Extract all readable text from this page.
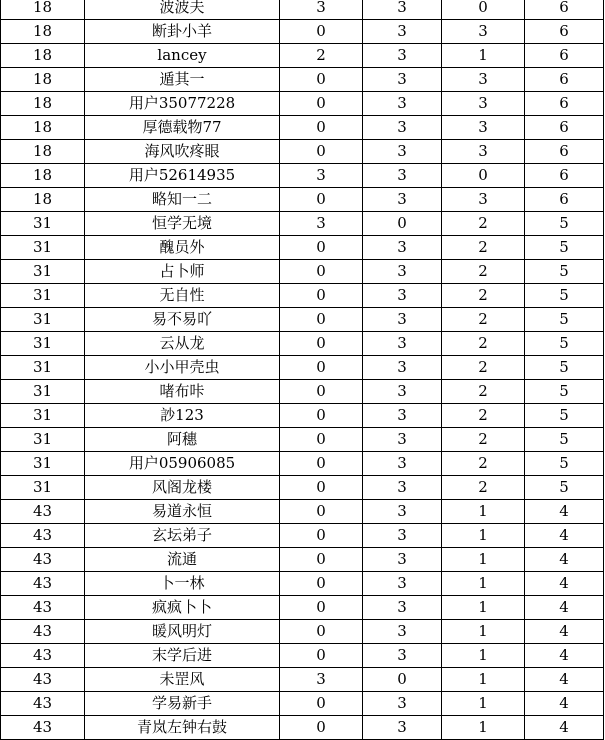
18	波波夫	3	3	0	6
18	断卦小羊	0	3	3	6
18	lancey	2	3	1	6
18	遁其一	0	3	3	6
18	用户35077228	0	3	3	6
18	厚德载物77	0	3	3	6
18	海风吹疼眼	0	3	3	6
18	用户52614935	3	3	0	6
18	略知一二	0	3	3	6
31	恒学无境	3	0	2	5
31	醜员外	0	3	2	5
31	占卜师	0	3	2	5
31	无自性	0	3	2	5
31	易不易吖	0	3	2	5
31	云从龙	0	3	2	5
31	小小甲壳虫	0	3	2	5
31	啫布咔	0	3	2	5
31	訬123	0	3	2	5
31	阿穗	0	3	2	5
31	用户05906085	0	3	2	5
31	风阁龙楼	0	3	2	5
43	易道永恒	0	3	1	4
43	玄坛弟子	0	3	1	4
43	流通	0	3	1	4
43	卜一林	0	3	1	4
43	疯疯卜卜	0	3	1	4
43	暖风明灯	0	3	1	4
43	末学后进	0	3	1	4
43	未罡风	3	0	1	4
43	学易新手	0	3	1	4
43	青岚左钟右鼓	0	3	1	4
